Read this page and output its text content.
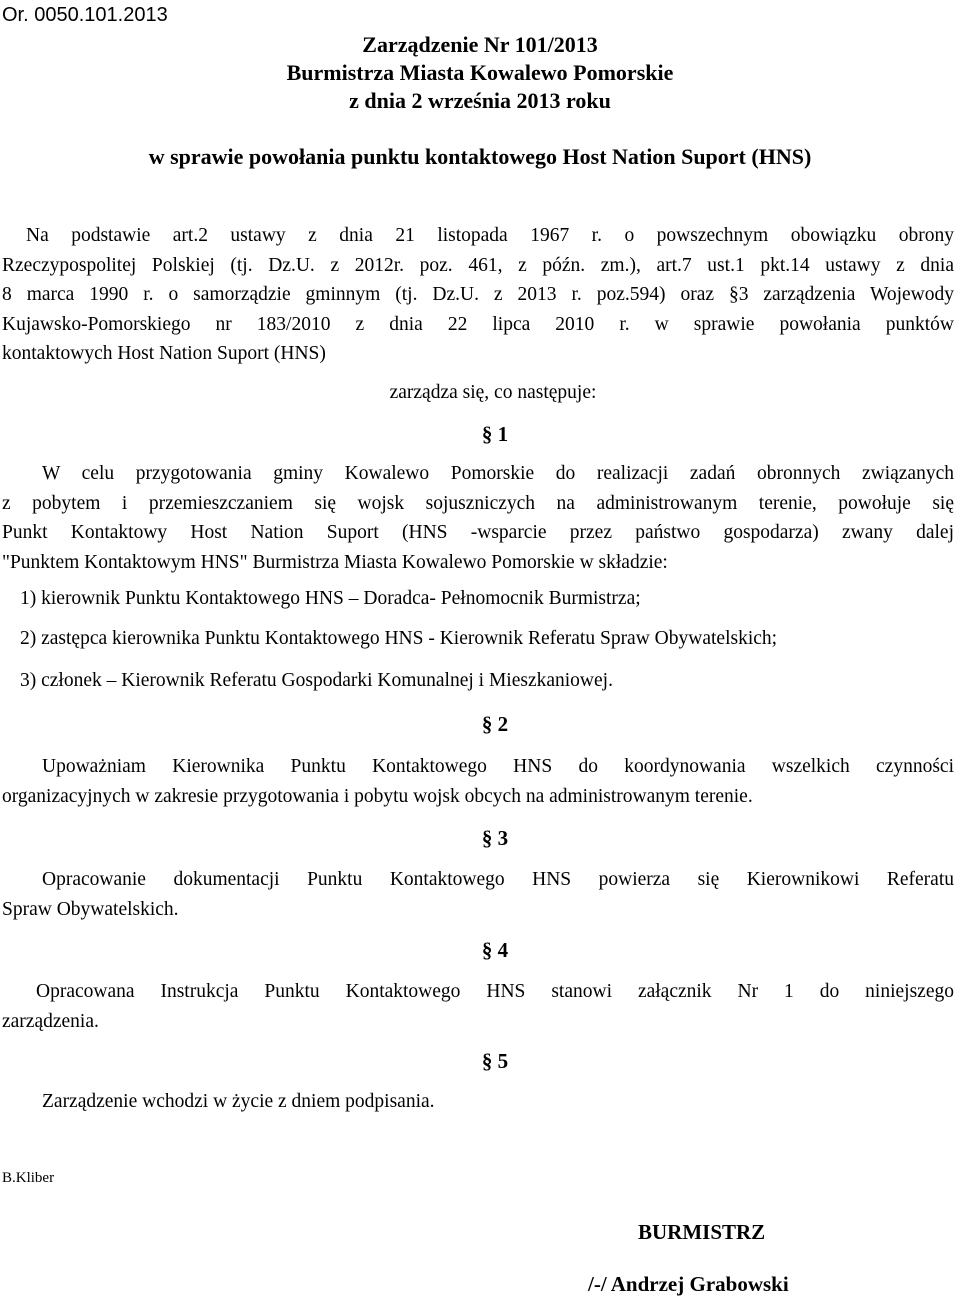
Or. 0050.101.2013
Zarządzenie Nr 101/2013
Burmistrza Miasta Kowalewo Pomorskie
z dnia 2 września 2013 roku
w sprawie powołania punktu kontaktowego Host Nation Suport (HNS)
Na podstawie art.2 ustawy z dnia 21 listopada 1967 r. o powszechnym obowiązku obrony
Rzeczypospolitej Polskiej (tj. Dz.U. z 2012r. poz. 461, z późn. zm.), art.7 ust.1 pkt.14 ustawy z dnia
8 marca 1990 r. o samorządzie gminnym (tj. Dz.U. z 2013 r. poz.594) oraz §3 zarządzenia Wojewody
Kujawsko-Pomorskiego nr 183/2010 z dnia 22 lipca 2010 r. w sprawie powołania punktów
kontaktowych Host Nation Suport (HNS)
zarządza się, co następuje:
§ 1
W celu przygotowania gminy Kowalewo Pomorskie do realizacji zadań obronnych związanych
z pobytem i przemieszczaniem się wojsk sojuszniczych na administrowanym terenie, powołuje się
Punkt Kontaktowy Host Nation Suport (HNS -wsparcie przez państwo gospodarza) zwany dalej
"Punktem Kontaktowym HNS" Burmistrza Miasta Kowalewo Pomorskie w składzie:
1) kierownik Punktu Kontaktowego HNS – Doradca- Pełnomocnik Burmistrza;
2) zastępca kierownika Punktu Kontaktowego HNS - Kierownik Referatu Spraw Obywatelskich;
3) członek – Kierownik Referatu Gospodarki Komunalnej i Mieszkaniowej.
§ 2
Upoważniam Kierownika Punktu Kontaktowego HNS do koordynowania wszelkich czynności
organizacyjnych w zakresie przygotowania i pobytu wojsk obcych na administrowanym terenie.
§ 3
Opracowanie dokumentacji Punktu Kontaktowego HNS powierza się Kierownikowi Referatu
Spraw Obywatelskich.
§ 4
Opracowana Instrukcja Punktu Kontaktowego HNS stanowi załącznik Nr 1 do niniejszego
zarządzenia.
§ 5
Zarządzenie wchodzi w życie z dniem podpisania.
B.Kliber
BURMISTRZ
/-/ Andrzej Grabowski
